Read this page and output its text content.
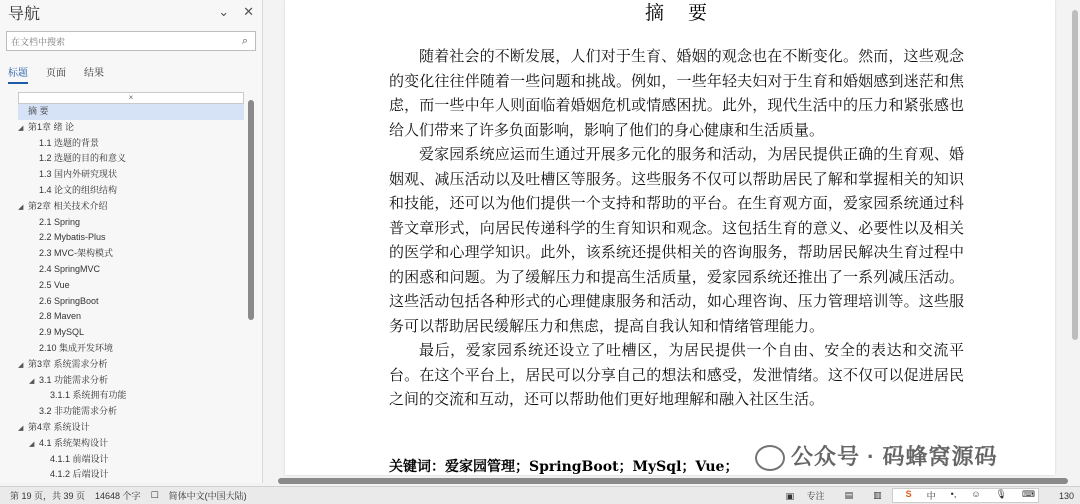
导航	⌄ ✕
在文档中搜索	⌕
标题 页面 结果
×
摘 要
◢ 第1章 绪 论
1.1 选题的背景
1.2 选题的目的和意义
1.3 国内外研究现状
1.4 论文的组织结构
◢ 第2章 相关技术介绍
2.1 Spring
2.2 Mybatis-Plus
2.3 MVC-架构模式
2.4 SpringMVC
2.5 Vue
2.6 SpringBoot
2.8 Maven
2.9 MySQL
2.10 集成开发环境
◢ 第3章 系统需求分析
◢ 3.1 功能需求分析
3.1.1 系统拥有功能
3.2 非功能需求分析
◢ 第4章 系统设计
◢ 4.1 系统架构设计
4.1.1 前端设计
4.1.2 后端设计
摘要

随着社会的不断发展，人们对于生育、婚姻的观念也在不断变化。然而，这些观念的变化往往伴随着一些问题和挑战。例如，一些年轻夫妇对于生育和婚姻感到迷茫和焦虑，而一些中年人则面临着婚姻危机或情感困扰。此外，现代生活中的压力和紧张感也给人们带来了许多负面影响，影响了他们的身心健康和生活质量。

爱家园系统应运而生通过开展多元化的服务和活动，为居民提供正确的生育观、婚姻观、减压活动以及吐槽区等服务。这些服务不仅可以帮助居民了解和掌握相关的知识和技能，还可以为他们提供一个支持和帮助的平台。在生育观方面，爱家园系统通过科普文章形式，向居民传递科学的生育知识和观念。这包括生育的意义、必要性以及相关的医学和心理学知识。此外，该系统还提供相关的咨询服务，帮助居民解决生育过程中的困惑和问题。为了缓解压力和提高生活质量，爱家园系统还推出了一系列减压活动。这些活动包括各种形式的心理健康服务和活动，如心理咨询、压力管理培训等。这些服务可以帮助居民缓解压力和焦虑，提高自我认知和情绪管理能力。

最后，爱家园系统还设立了吐槽区，为居民提供一个自由、安全的表达和交流平台。在这个平台上，居民可以分享自己的想法和感受，发泄情绪。这不仅可以促进居民之间的交流和互动，还可以帮助他们更好地理解和融入社区生活。

关键词：爱家园管理；SpringBoot；MySql；Vue；	公众号 · 码蜂窝源码
第 19 页，共 39 页 14648 个字 ☐ 简体中文(中国大陆)	▣ 专注 ▤ ▥	S 中 •, ☺ 🎙 ⌨	130
